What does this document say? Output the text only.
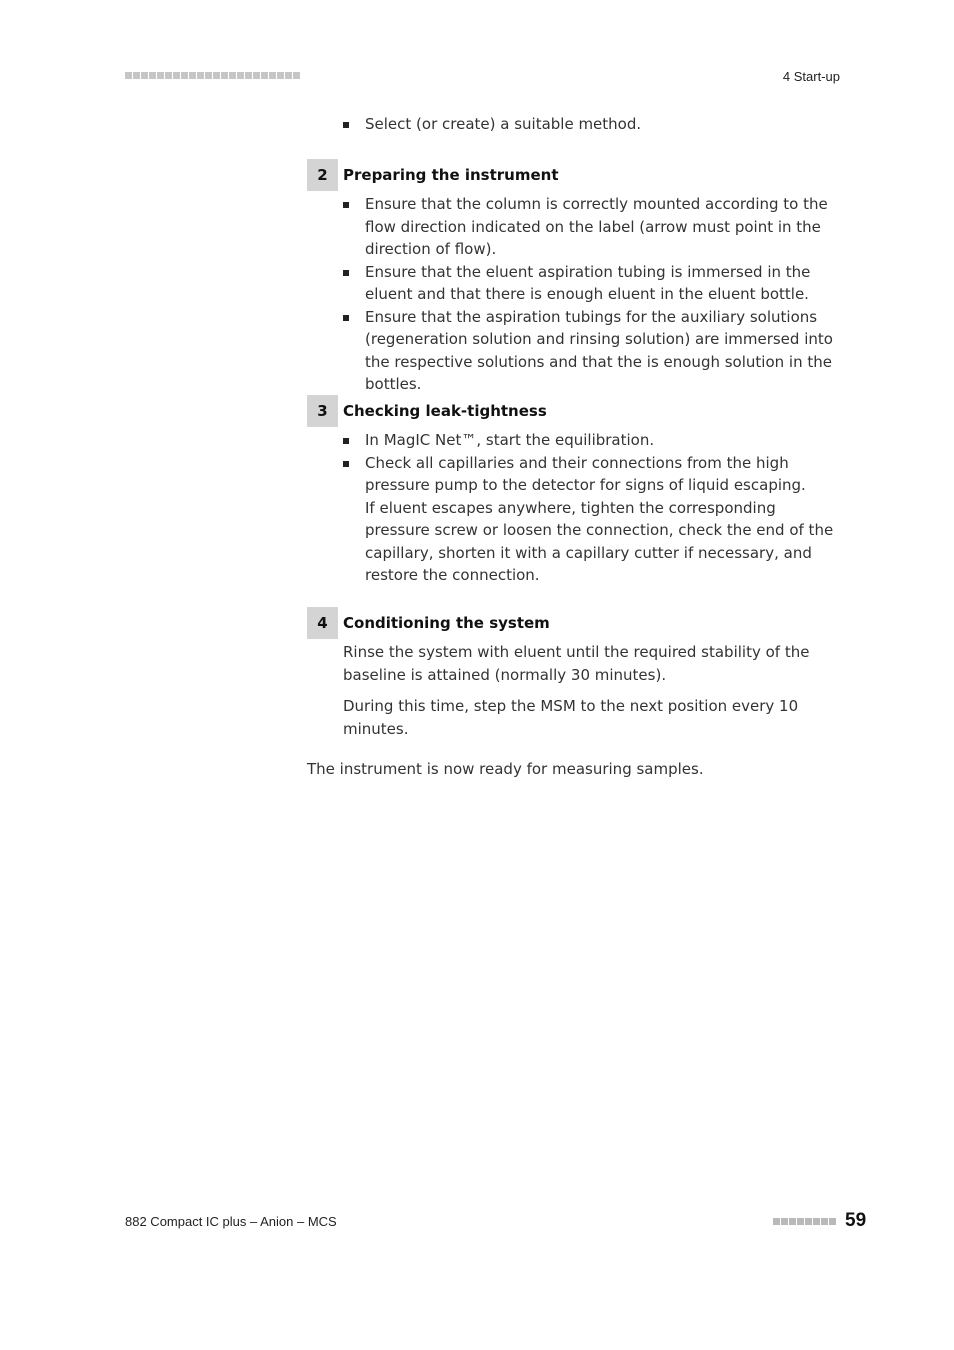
4 Start-up
Select (or create) a suitable method.
2	Preparing the instrument
Ensure that the column is correctly mounted according to the flow direction indicated on the label (arrow must point in the direction of flow).
Ensure that the eluent aspiration tubing is immersed in the eluent and that there is enough eluent in the eluent bottle.
Ensure that the aspiration tubings for the auxiliary solutions (regeneration solution and rinsing solution) are immersed into the respective solutions and that the is enough solution in the bottles.
3	Checking leak-tightness
In MagIC Net™, start the equilibration.
Check all capillaries and their connections from the high pressure pump to the detector for signs of liquid escaping.
If eluent escapes anywhere, tighten the corresponding pressure screw or loosen the connection, check the end of the capillary, shorten it with a capillary cutter if necessary, and restore the connection.
4	Conditioning the system

Rinse the system with eluent until the required stability of the baseline is attained (normally 30 minutes).

During this time, step the MSM to the next position every 10 minutes.

The instrument is now ready for measuring samples.

882 Compact IC plus – Anion – MCS	59
